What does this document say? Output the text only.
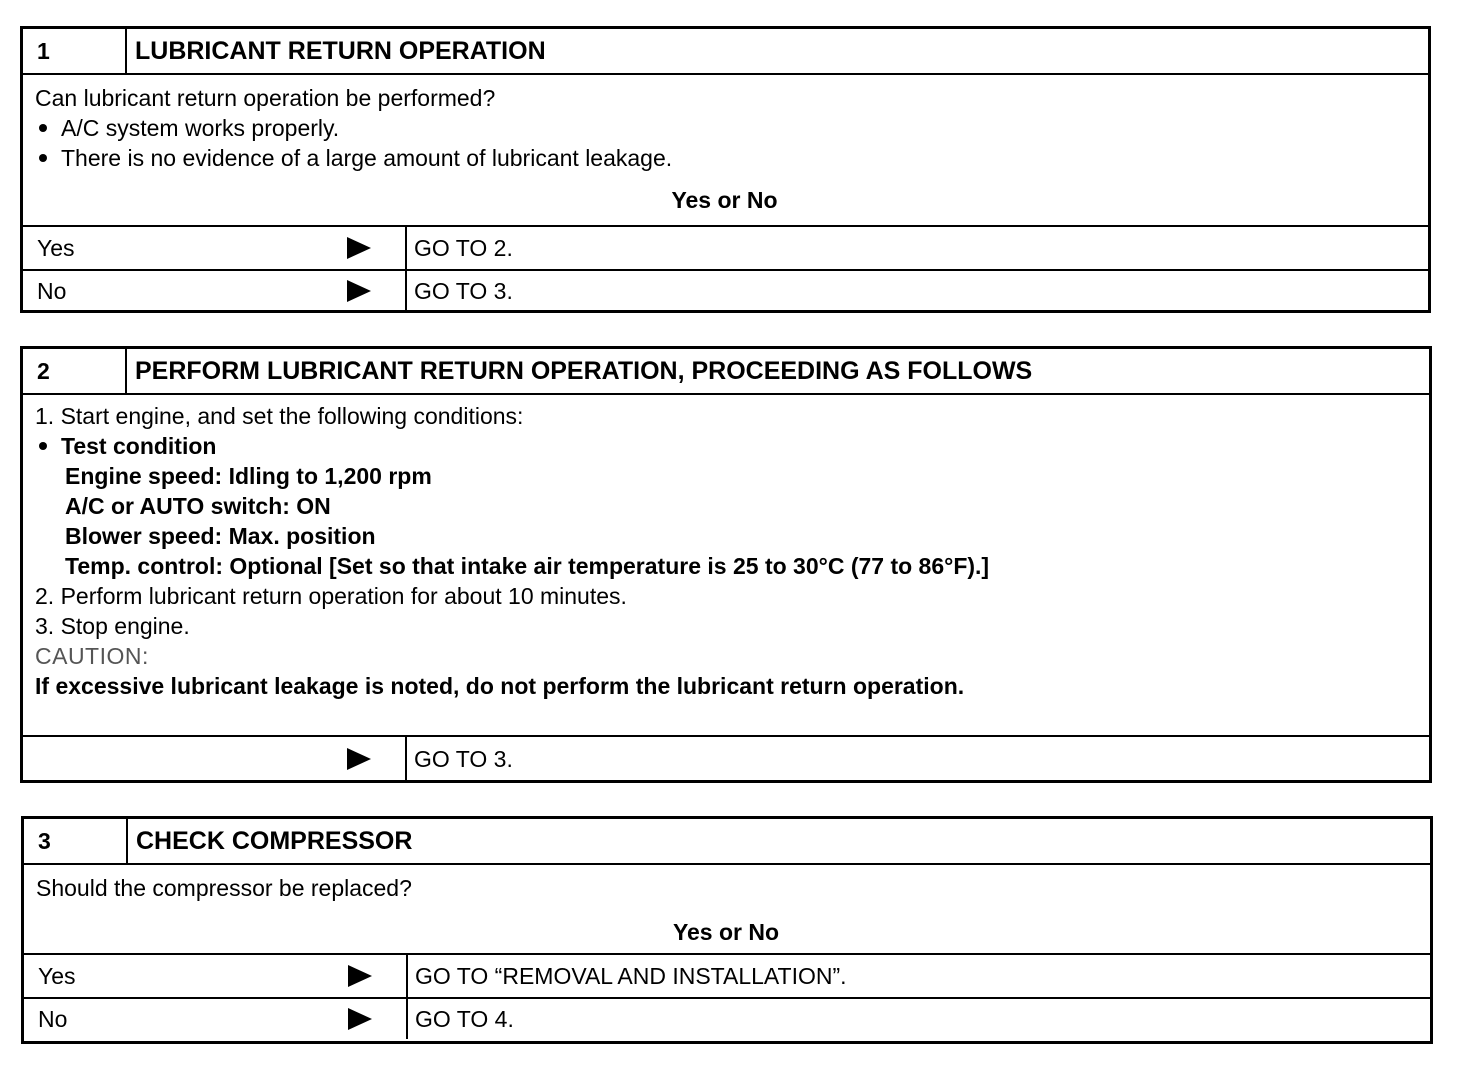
1	LUBRICANT RETURN OPERATION
Can lubricant return operation be performed?
A/C system works properly.
There is no evidence of a large amount of lubricant leakage.
Yes or No
Yes	GO TO 2.
No	GO TO 3.
2	PERFORM LUBRICANT RETURN OPERATION, PROCEEDING AS FOLLOWS
1. Start engine, and set the following conditions:
Test condition
Engine speed: Idling to 1,200 rpm
A/C or AUTO switch: ON
Blower speed: Max. position
Temp. control: Optional [Set so that intake air temperature is 25 to 30°C (77 to 86°F).]
2. Perform lubricant return operation for about 10 minutes.
3. Stop engine.
CAUTION:
If excessive lubricant leakage is noted, do not perform the lubricant return operation.
GO TO 3.
3	CHECK COMPRESSOR
Should the compressor be replaced?
Yes or No
Yes	GO TO “REMOVAL AND INSTALLATION”.
No	GO TO 4.
